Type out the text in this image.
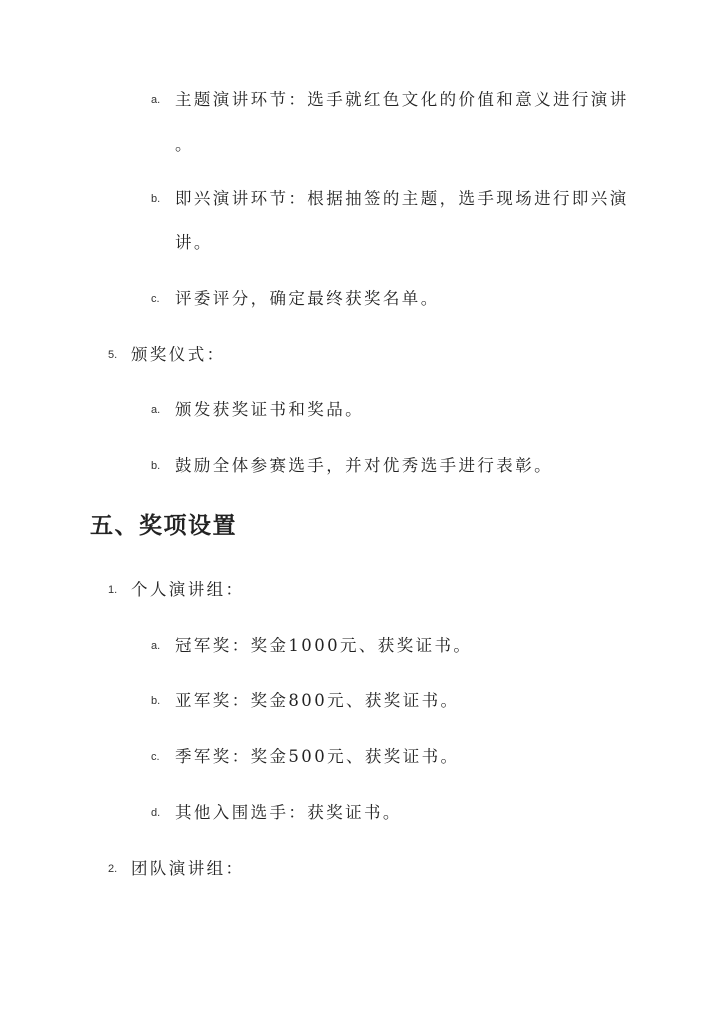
a. 主题演讲环节：选手就红色文化的价值和意义进行演讲
。
b. 即兴演讲环节：根据抽签的主题，选手现场进行即兴演
讲。
c. 评委评分，确定最终获奖名单。
5. 颁奖仪式：
a. 颁发获奖证书和奖品。
b. 鼓励全体参赛选手，并对优秀选手进行表彰。
五、奖项设置
1. 个人演讲组：
a. 冠军奖：奖金1000元、获奖证书。
b. 亚军奖：奖金800元、获奖证书。
c. 季军奖：奖金500元、获奖证书。
d. 其他入围选手：获奖证书。
2. 团队演讲组：
